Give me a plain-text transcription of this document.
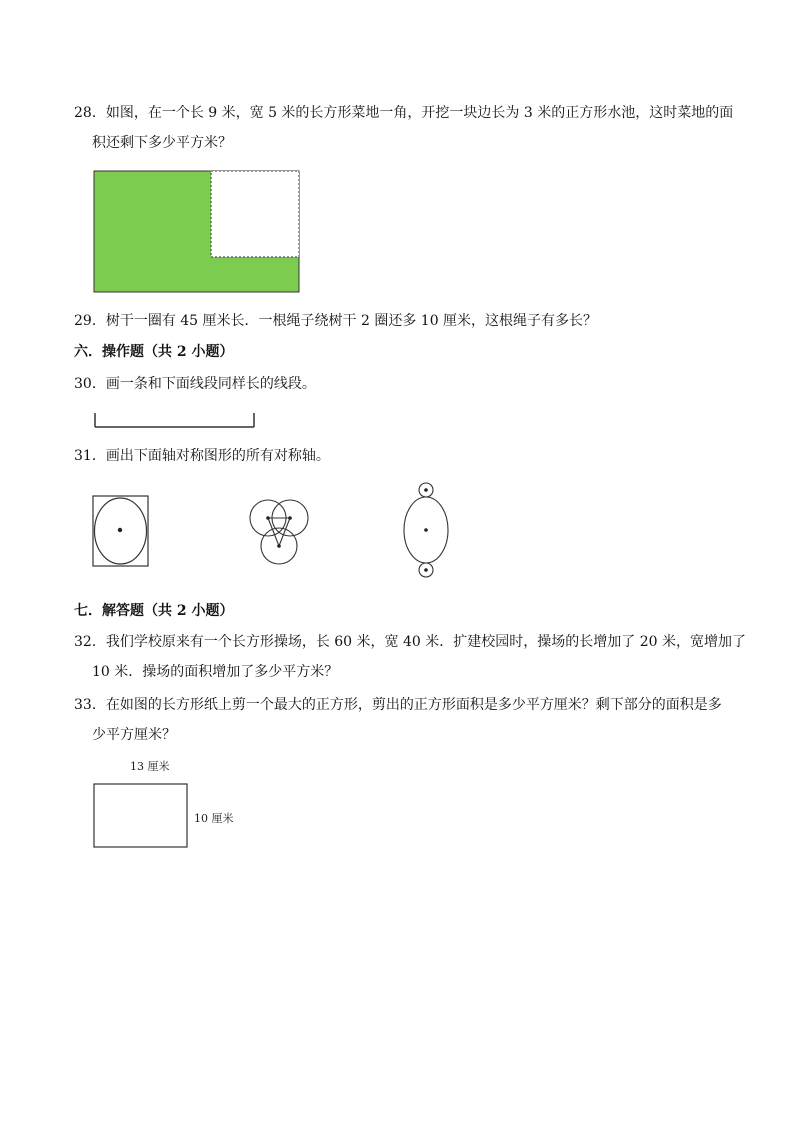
28．如图，在一个长 9 米，宽 5 米的长方形菜地一角，开挖一块边长为 3 米的正方形水池，这时菜地的面
积还剩下多少平方米？
29．树干一圈有 45 厘米长．一根绳子绕树干 2 圈还多 10 厘米，这根绳子有多长？
六．操作题（共 2 小题）
30．画一条和下面线段同样长的线段。
31．画出下面轴对称图形的所有对称轴。
七．解答题（共 2 小题）
32．我们学校原来有一个长方形操场，长 60 米，宽 40 米．扩建校园时，操场的长增加了 20 米，宽增加了
10 米．操场的面积增加了多少平方米？
33．在如图的长方形纸上剪一个最大的正方形，剪出的正方形面积是多少平方厘米？剩下部分的面积是多
少平方厘米？
13 厘米
10 厘米
